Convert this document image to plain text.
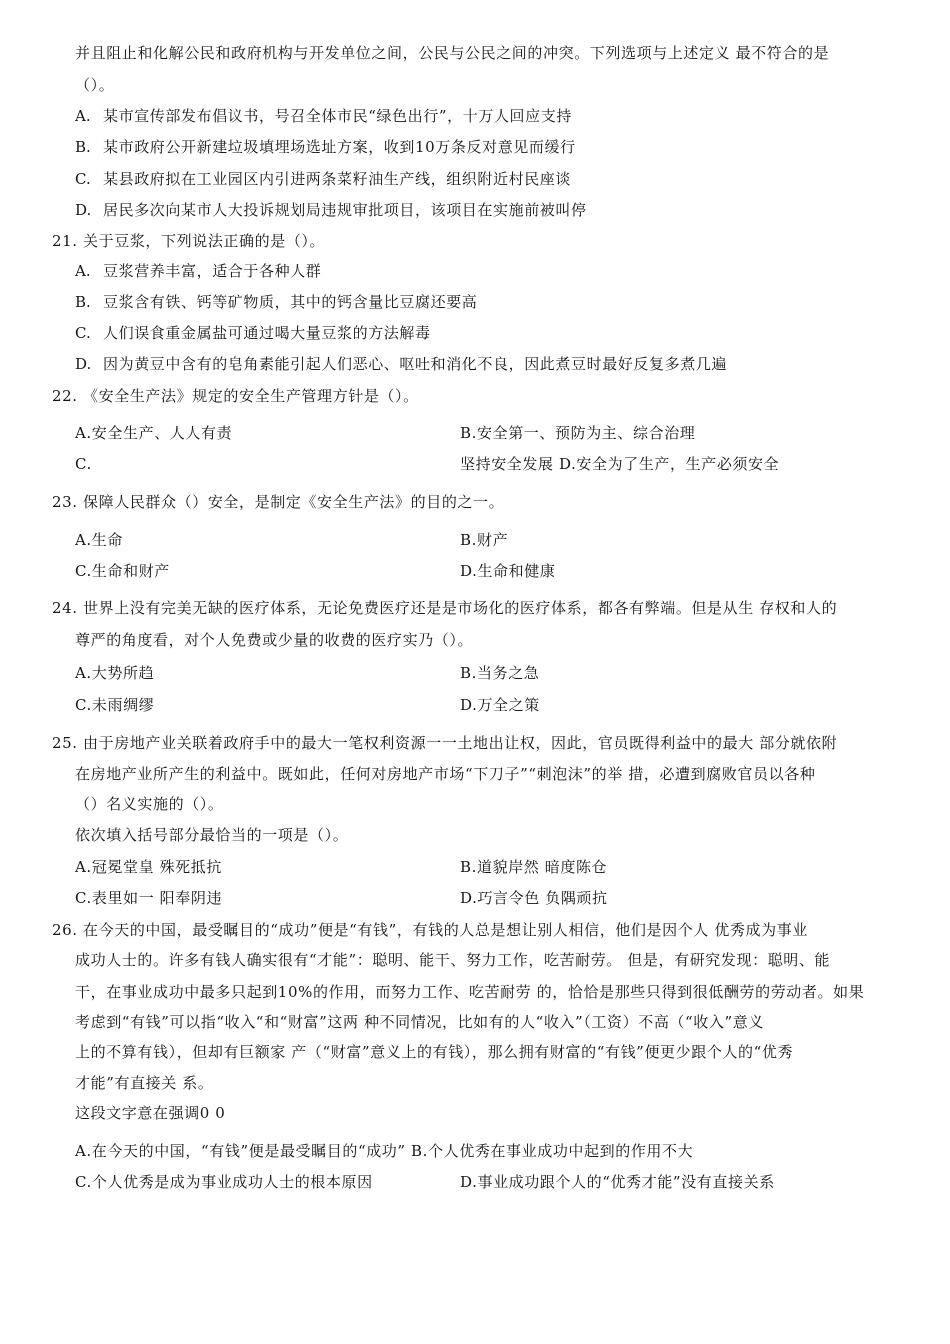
并且阻止和化解公民和政府机构与开发单位之间，公民与公民之间的冲突。下列选项与上述定义 最不符合的是
（）。
A. 某市宣传部发布倡议书，号召全体市民“绿色出行”，十万人回应支持
B. 某市政府公开新建垃圾填埋场选址方案，收到10万条反对意见而缓行
C. 某县政府拟在工业园区内引进两条菜籽油生产线，组织附近村民座谈
D. 居民多次向某市人大投诉规划局违规审批项目，该项目在实施前被叫停
21. 关于豆浆，下列说法正确的是（）。
A. 豆浆营养丰富，适合于各种人群
B. 豆浆含有铁、钙等矿物质，其中的钙含量比豆腐还要高
C. 人们误食重金属盐可通过喝大量豆浆的方法解毒
D. 因为黄豆中含有的皂角素能引起人们恶心、呕吐和消化不良，因此煮豆时最好反复多煮几遍
22. 《安全生产法》规定的安全生产管理方针是（）。
A.安全生产、人人有责	B.安全第一、预防为主、综合治理
C.	坚持安全发展 D.安全为了生产，生产必须安全
23. 保障人民群众（）安全，是制定《安全生产法》的目的之一。
A.生命	B.财产
C.生命和财产	D.生命和健康
24. 世界上没有完美无缺的医疗体系，无论免费医疗还是是市场化的医疗体系，都各有弊端。但是从生 存权和人的
尊严的角度看，对个人免费或少量的收费的医疗实乃（）。
A.大势所趋	B.当务之急
C.未雨绸缪	D.万全之策
25. 由于房地产业关联着政府手中的最大一笔权利资源一一土地出让权，因此，官员既得利益中的最大 部分就依附
在房地产业所产生的利益中。既如此，任何对房地产市场“下刀子”“刺泡沫”的举 措，必遭到腐败官员以各种
（）名义实施的（）。
依次填入括号部分最恰当的一项是（）。
A.冠冕堂皇 殊死抵抗	B.道貌岸然 暗度陈仓
C.表里如一 阳奉阴违	D.巧言令色 负隅顽抗
26. 在今天的中国，最受瞩目的“成功”便是“有钱”，有钱的人总是想让别人相信，他们是因个人 优秀成为事业
成功人士的。许多有钱人确实很有“才能”：聪明、能干、努力工作，吃苦耐劳。 但是，有研究发现：聪明、能
干，在事业成功中最多只起到10%的作用，而努力工作、吃苦耐劳 的，恰恰是那些只得到很低酬劳的劳动者。如果
考虑到“有钱”可以指“收入“和“财富”这两 种不同情况，比如有的人“收入”（工资）不高（“收入”意义
上的不算有钱），但却有巨额家 产（“财富”意义上的有钱），那么拥有财富的“有钱”便更少跟个人的“优秀
才能”有直接关 系。
这段文字意在强调0 0
A.在今天的中国，“有钱”便是最受瞩目的“成功” B.个人优秀在事业成功中起到的作用不大
C.个人优秀是成为事业成功人士的根本原因	D.事业成功跟个人的“优秀才能”没有直接关系
